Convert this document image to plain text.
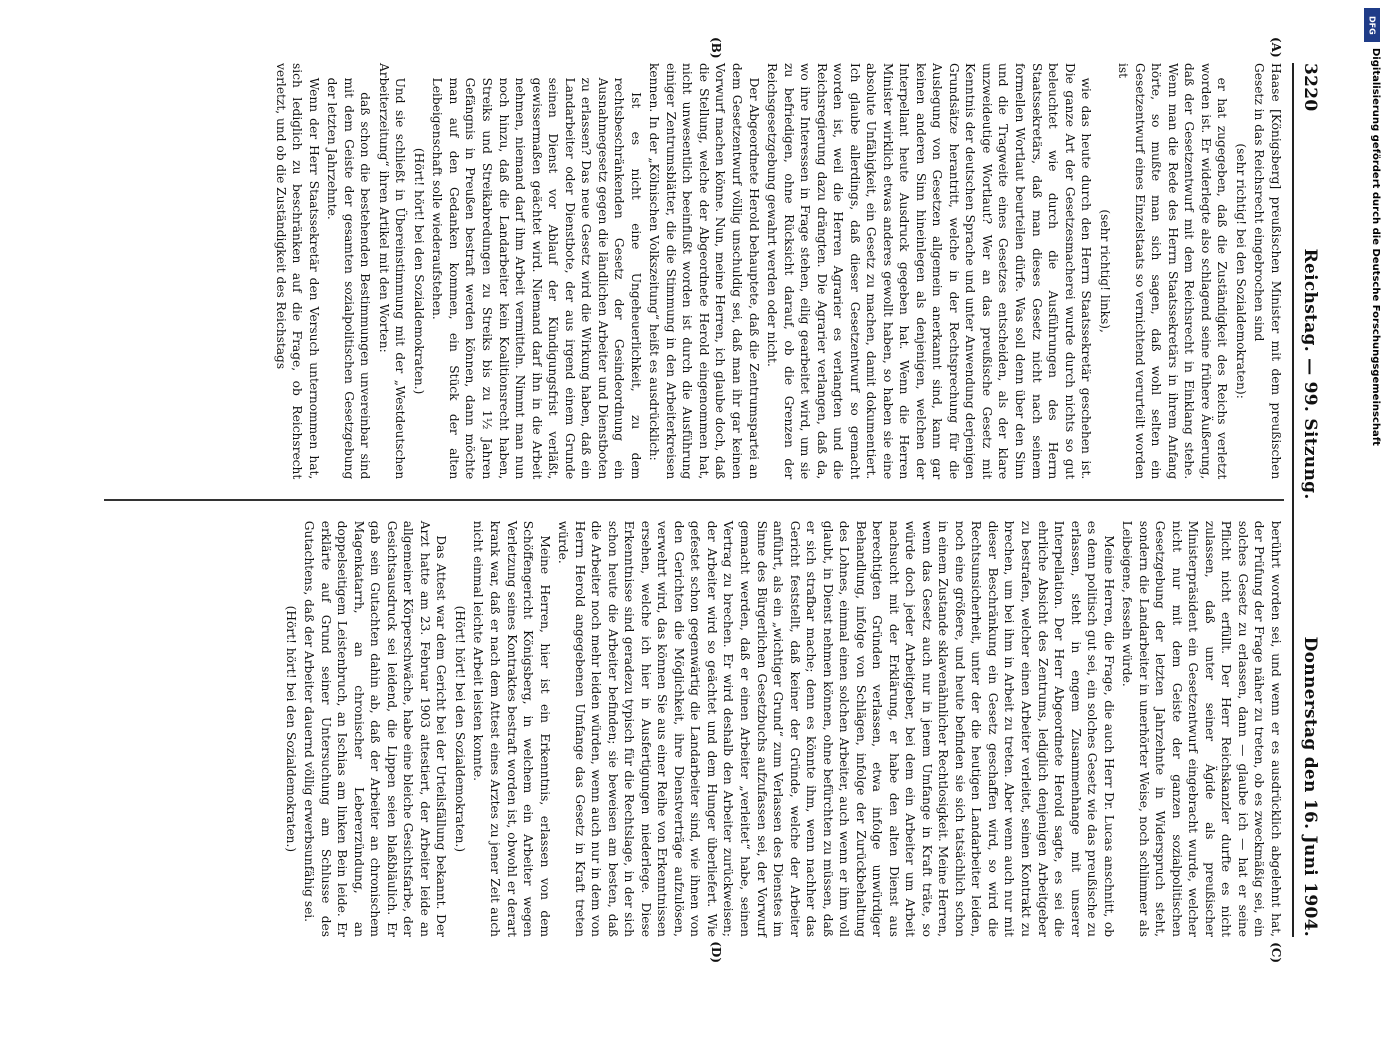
3220
Reichstag. — 99. Sitzung.
Donnerstag den 16. Juni 1904.
(A)
(B)

Haase [Königsberg] preußischen Minister mit dem preußischen Gesetz in das Reichsrecht eingebrochen sind

(sehr richtig! bei den Sozialdemokraten):

er hat zugegeben, daß die Zuständigkeit des Reichs verletzt worden ist. Er widerlegte also schlagend seine frühere Äußerung, daß der Gesetzentwurf mit dem Reichsrecht in Einklang stehe. Wenn man die Rede des Herrn Staatssekretärs in ihrem Anfang hörte, so mußte man sich sagen, daß wohl selten ein Gesetzentwurf eines Einzelstaats so vernichtend verurteilt worden ist

(sehr richtig! links),

wie das heute durch den Herrn Staatssekretär geschehen ist. Die ganze Art der Gesetzesmacherei wurde durch nichts so gut beleuchtet wie durch die Ausführungen des Herrn Staatssekretärs, daß man dieses Gesetz nicht nach seinem formellen Wortlaut beurteilen dürfe. Was soll denn über den Sinn und die Tragweite eines Gesetzes entscheiden, als der klare unzweideutige Wortlaut? Wer an das preußische Gesetz mit Kenntnis der deutschen Sprache und unter Anwendung derjenigen Grundsätze herantritt, welche in der Rechtsprechung für die Auslegung von Gesetzen allgemein anerkannt sind, kann gar keinen anderen Sinn hineinlegen als denjenigen, welchen der Interpellant heute Ausdruck gegeben hat. Wenn die Herren Minister wirklich etwas anderes gewollt haben, so haben sie eine absolute Unfähigkeit, ein Gesetz zu machen, damit dokumentiert. Ich glaube allerdings, daß dieser Gesetzentwurf so gemacht worden ist, weil die Herren Agrarier es verlangten und die Reichsregierung dazu drängten. Die Agrarier verlangen, daß da, wo ihre Interessen in Frage stehen, eilig gearbeitet wird, um sie zu befriedigen, ohne Rücksicht darauf, ob die Grenzen der Reichsgesetzgebung gewahrt werden oder nicht.

Der Abgeordnete Herold behauptete, daß die Zentrumspartei an dem Gesetzentwurf völlig unschuldig sei, daß man ihr gar keinen Vorwurf machen könne. Nun, meine Herren, ich glaube doch, daß die Stellung, welche der Abgeordnete Herold eingenommen hat, nicht unwesentlich beeinflußt worden ist durch die Ausführung einiger Zentrumsblätter, die die Stimmung in den Arbeiterkreisen kennen. In der „Kölnischen Volkszeitung“ heißt es ausdrücklich:

Ist es nicht eine Ungeheuerlichkeit, zu dem rechtsbeschränkenden Gesetz der Gesindeordnung ein Ausnahmegesetz gegen die ländlichen Arbeiter und Dienstboten zu erlassen? Das neue Gesetz wird die Wirkung haben, daß ein Landarbeiter oder Dienstbote, der aus irgend einem Grunde seinen Dienst vor Ablauf der Kündigungsfrist verläßt, gewissermaßen geächtet wird. Niemand darf ihn in die Arbeit nehmen, niemand darf ihm Arbeit vermitteln. Nimmt man nun noch hinzu, daß die Landarbeiter kein Koalitionsrecht haben, Streiks und Streikabredungen zu Streiks bis zu 1½ Jahren Gefängnis in Preußen bestraft werden können, dann möchte man auf den Gedanken kommen, ein Stück der alten Leibeigenschaft solle wiederaufstehen.

(Hört! hört! bei den Sozialdemokraten.)

Und sie schließt in Übereinstimmung mit der „Westdeutschen Arbeiterzeitung“ ihren Artikel mit den Worten:

daß schon die bestehenden Bestimmungen unvereinbar sind mit dem Geiste der gesamten sozialpolitischen Gesetzgebung der letzten Jahrzehnte.

Wenn der Herr Staatssekretär den Versuch unternommen hat, sich lediglich zu beschränken auf die Frage, ob Reichsrecht verletzt, und ob die Zuständigkeit des Reichstags

(C)
(D)

berührt worden sei, und wenn er es ausdrücklich abgelehnt hat, der Prüfung der Frage näher zu treten, ob es zweckmäßig sei, ein solches Gesetz zu erlassen, dann — glaube ich — hat er seine Pflicht nicht erfüllt. Der Herr Reichskanzler durfte es nicht zulassen, daß unter seiner Ägide als preußischer Ministerpräsident ein Gesetzentwurf eingebracht wurde, welcher nicht nur mit dem Geiste der ganzen sozialpolitischen Gesetzgebung der letzten Jahrzehnte in Widerspruch steht, sondern die Landarbeiter in unerhörter Weise, noch schlimmer als Leibeigene, fesseln würde.

Meine Herren, die Frage, die auch Herr Dr. Lucas anschnitt, ob es denn politisch gut sei, ein solches Gesetz wie das preußische zu erlassen, steht in engem Zusammenhange mit unserer Interpellation. Der Herr Abgeordnete Herold sagte, es sei die ehrliche Absicht des Zentrums, lediglich denjenigen Arbeitgeber zu bestrafen, welcher einen Arbeiter verleitet, seinen Kontrakt zu brechen, um bei ihm in Arbeit zu treten. Aber wenn auch nur mit dieser Beschränkung ein Gesetz geschaffen wird, so wird die Rechtsunsicherheit, unter der die heutigen Landarbeiter leiden, noch eine größere, und heute befinden sie sich tatsächlich schon in einem Zustande sklavenähnlicher Rechtlosigkeit. Meine Herren, wenn das Gesetz auch nur in jenem Umfange in Kraft träte, so würde doch jeder Arbeitgeber, bei dem ein Arbeiter um Arbeit nachsucht mit der Erklärung, er habe den alten Dienst aus berechtigten Gründen verlassen, etwa infolge unwürdiger Behandlung, infolge von Schlägen, infolge der Zurückbehaltung des Lohnes, einmal einen solchen Arbeiter, auch wenn er ihm voll glaubt, in Dienst nehmen können, ohne befürchten zu müssen, daß er sich strafbar mache; denn es könnte ihm, wenn nachher das Gericht feststellt, daß keiner der Gründe, welche der Arbeiter anführt, als ein „wichtiger Grund“ zum Verlassen des Dienstes im Sinne des Bürgerlichen Gesetzbuchs aufzufassen sei, der Vorwurf gemacht werden, daß er einen Arbeiter „verleitet“ habe, seinen Vertrag zu brechen. Er wird deshalb den Arbeiter zurückweisen; der Arbeiter wird so geächtet und dem Hunger überliefert. Wie gefestet schon gegenwärtig die Landarbeiter sind, wie ihnen von den Gerichten die Möglichkeit, ihre Dienstverträge aufzulösen, verwehrt wird, das können Sie aus einer Reihe von Erkenntnissen ersehen, welche ich hier in Ausfertigungen niederlege. Diese Erkenntnisse sind geradezu typisch für die Rechtslage, in der sich schon heute die Arbeiter befinden; sie beweisen am besten, daß die Arbeiter noch mehr leiden würden, wenn auch nur in dem von Herrn Herold angegebenen Umfange das Gesetz in Kraft treten würde.

Meine Herren, hier ist ein Erkenntnis, erlassen von dem Schöffengericht Königsberg, in welchem ein Arbeiter wegen Verletzung seines Kontraktes bestraft worden ist, obwohl er derart krank war, daß er nach dem Attest eines Arztes zu jener Zeit auch nicht einmal leichte Arbeit leisten konnte.

(Hört! hört! bei den Sozialdemokraten.)

Das Attest war dem Gericht bei der Urteilsfällung bekannt. Der Arzt hatte am 23. Februar 1903 attestiert, der Arbeiter leide an allgemeiner Körperschwäche, habe eine bleiche Gesichtsfarbe, der Gesichtsausdruck sei leidend, die Lippen seien blaßbläulich. Er gab sein Gutachten dahin ab, daß der Arbeiter an chronischem Magenkatarrh, an chronischer Lebererzündung, an doppelseitigem Leistenbruch, an Ischias am linken Bein leide. Er erklärte auf Grund seiner Untersuchung am Schlusse des Gutachtens, daß der Arbeiter dauernd völlig erwerbsunfähig sei.

(Hört! hört! bei den Sozialdemokraten.)

DFG
Digitalisierung gefördert durch die Deutsche Forschungsgemeinschaft
